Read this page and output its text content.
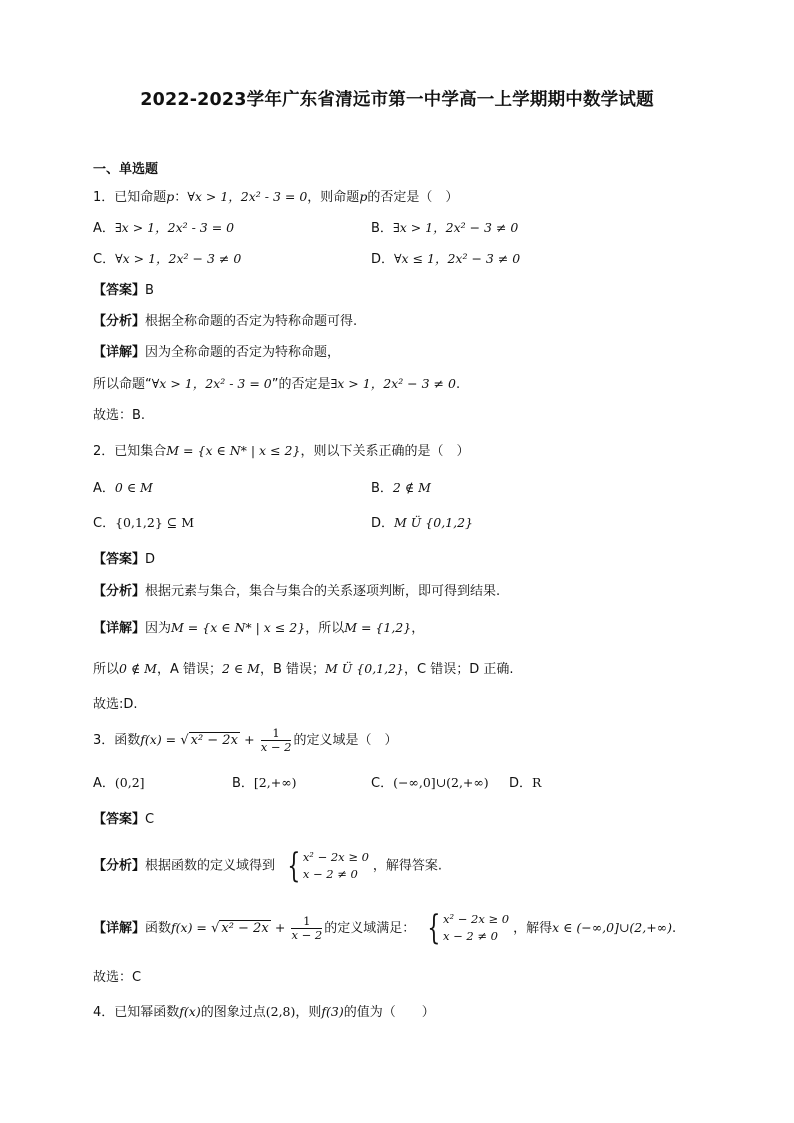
2022-2023学年广东省清远市第一中学高一上学期期中数学试题
一、单选题
1．已知命题p：∀x > 1，2x² - 3 = 0，则命题p的否定是（　）
A．∃x > 1，2x² - 3 = 0	B．∃x > 1，2x² − 3 ≠ 0
C．∀x > 1，2x² − 3 ≠ 0	D．∀x ≤ 1，2x² − 3 ≠ 0
【答案】B
【分析】根据全称命题的否定为特称命题可得.
【详解】因为全称命题的否定为特称命题，
所以命题“∀x > 1，2x² - 3 = 0”的否定是∃x > 1，2x² − 3 ≠ 0.
故选：B.
2．已知集合M = {x ∈ N* | x ≤ 2}，则以下关系正确的是（　）
A．0 ∈ M	B．2 ∉ M
C．{0,1,2} ⊆ M	D．M Ü {0,1,2}
【答案】D
【分析】根据元素与集合，集合与集合的关系逐项判断，即可得到结果.
【详解】因为M = {x ∈ N* | x ≤ 2}，所以M = {1,2}，
所以0 ∉ M，A 错误；2 ∈ M，B 错误；M Ü {0,1,2}，C 错误；D 正确.
故选:D.
3．函数f(x) = √ $x^2 - 2x + \frac{1}{x - 2}$ 的定义域是（　）
A．(0,2]	B．[2,+∞)	C．(−∞,0]∪(2,+∞) D．R
【答案】C
【分析】根据函数的定义域得到 { x² − 2x ≥ 0
x − 2 ≠ 0	，解得答案.
【详解】函数f(x) = √ $x^2 - 2x + \frac{1}{x - 2}$ 的定义域满足： { x² − 2x ≥ 0
x − 2 ≠ 0	，解得x ∈ (−∞,0]∪(2,+∞).
故选：C
4．已知幂函数f(x)的图象过点(2,8)，则f(3)的值为（　　）
